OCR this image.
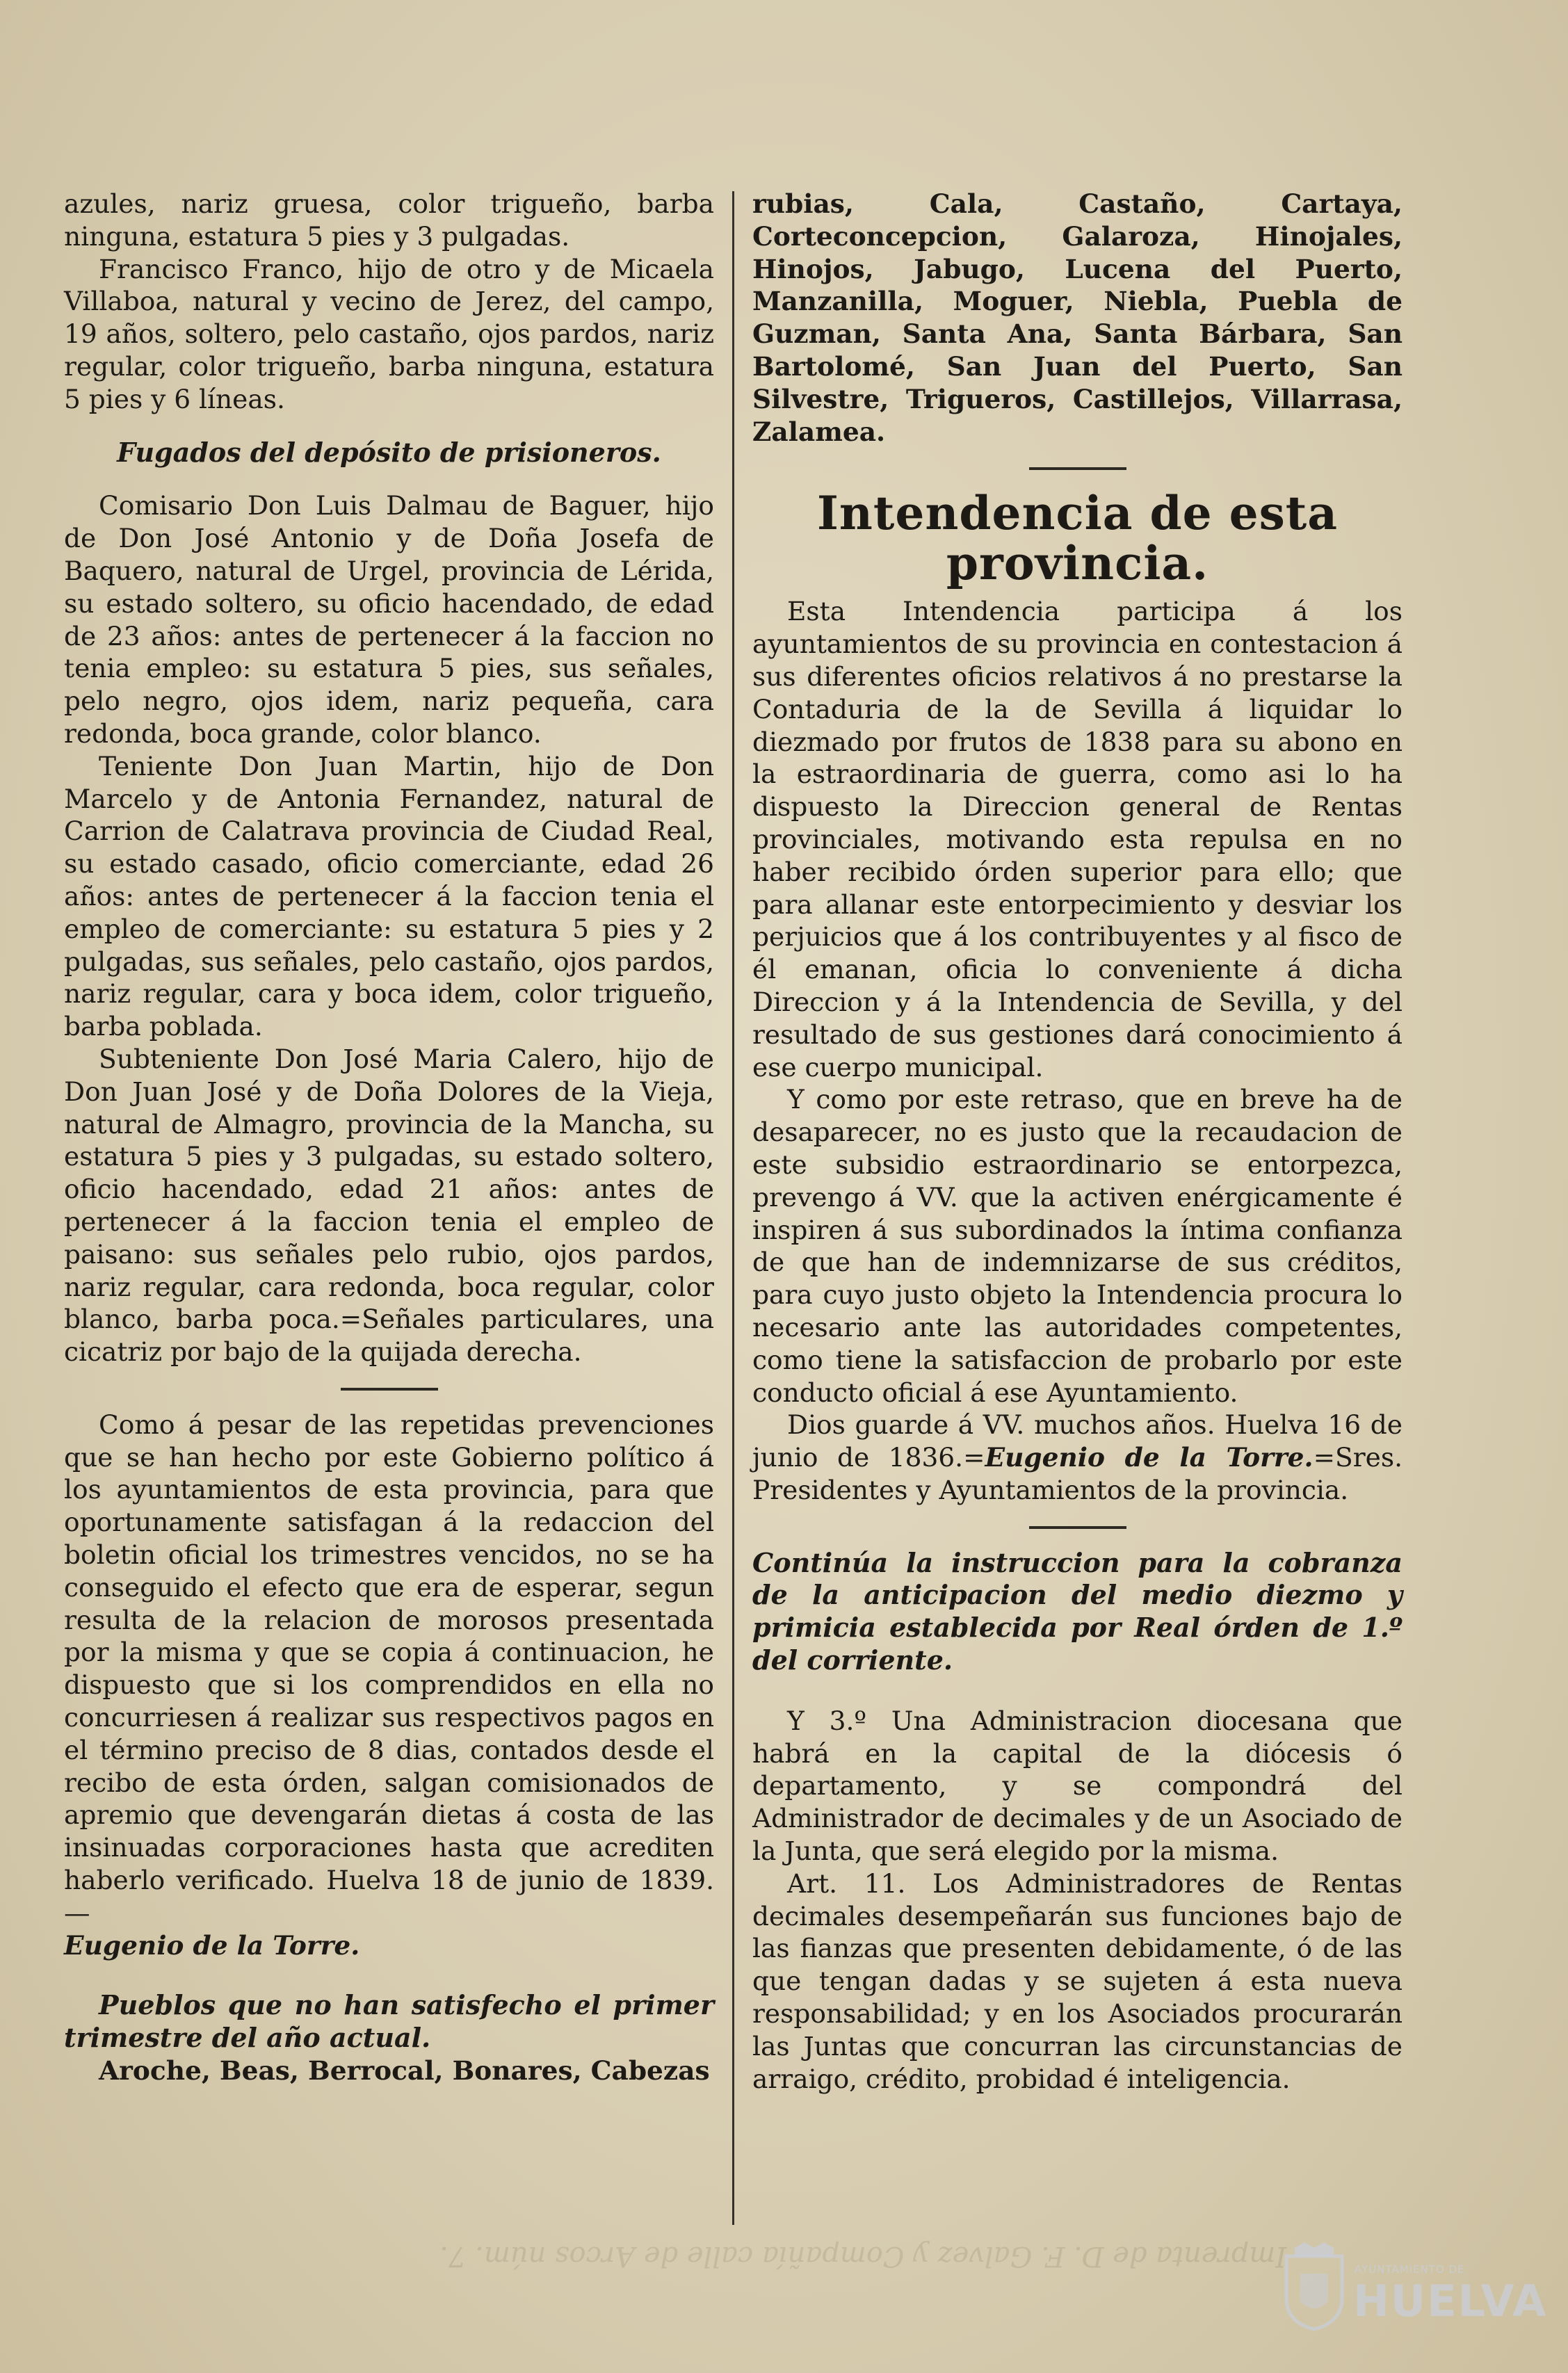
azules, nariz gruesa, color trigueño, barba ninguna, estatura 5 pies y 3 pulgadas.

Francisco Franco, hijo de otro y de Micaela Villaboa, natural y vecino de Jerez, del campo, 19 años, soltero, pelo castaño, ojos pardos, nariz regular, color trigueño, barba ninguna, estatura 5 pies y 6 líneas.

Fugados del depósito de prisioneros.

Comisario Don Luis Dalmau de Baguer, hijo de Don José Antonio y de Doña Josefa de Baquero, natural de Urgel, provincia de Lérida, su estado soltero, su oficio hacendado, de edad de 23 años: antes de pertenecer á la faccion no tenia empleo: su estatura 5 pies, sus señales, pelo negro, ojos idem, nariz pequeña, cara redonda, boca grande, color blanco.

Teniente Don Juan Martin, hijo de Don Marcelo y de Antonia Fernandez, natural de Carrion de Calatrava provincia de Ciudad Real, su estado casado, oficio comerciante, edad 26 años: antes de pertenecer á la faccion tenia el empleo de comerciante: su estatura 5 pies y 2 pulgadas, sus señales, pelo castaño, ojos pardos, nariz regular, cara y boca idem, color trigueño, barba poblada.

Subteniente Don José Maria Calero, hijo de Don Juan José y de Doña Dolores de la Vieja, natural de Almagro, provincia de la Mancha, su estatura 5 pies y 3 pulgadas, su estado soltero, oficio hacendado, edad 21 años: antes de pertenecer á la faccion tenia el empleo de paisano: sus señales pelo rubio, ojos pardos, nariz regular, cara redonda, boca regular, color blanco, barba poca.=Señales particulares, una cicatriz por bajo de la quijada derecha.

Como á pesar de las repetidas prevenciones que se han hecho por este Gobierno político á los ayuntamientos de esta provincia, para que oportunamente satisfagan á la redaccion del boletin oficial los trimestres vencidos, no se ha conseguido el efecto que era de esperar, segun resulta de la relacion de morosos presentada por la misma y que se copia á continuacion, he dispuesto que si los comprendidos en ella no concurriesen á realizar sus respectivos pagos en el término preciso de 8 dias, contados desde el recibo de esta órden, salgan comisionados de apremio que devengarán dietas á costa de las insinuadas corporaciones hasta que acrediten haberlo verificado. Huelva 18 de junio de 1839.—

Eugenio de la Torre.

Pueblos que no han satisfecho el primer trimestre del año actual.

Aroche, Beas, Berrocal, Bonares, Cabezas

rubias, Cala, Castaño, Cartaya, Corteconcepcion, Galaroza, Hinojales, Hinojos, Jabugo, Lucena del Puerto, Manzanilla, Moguer, Niebla, Puebla de Guzman, Santa Ana, Santa Bárbara, San Bartolomé, San Juan del Puerto, San Silvestre, Trigueros, Castillejos, Villarrasa, Zalamea.

Intendencia de esta provincia.

Esta Intendencia participa á los ayuntamientos de su provincia en contestacion á sus diferentes oficios relativos á no prestarse la Contaduria de la de Sevilla á liquidar lo diezmado por frutos de 1838 para su abono en la estraordinaria de guerra, como asi lo ha dispuesto la Direccion general de Rentas provinciales, motivando esta repulsa en no haber recibido órden superior para ello; que para allanar este entorpecimiento y desviar los perjuicios que á los contribuyentes y al fisco de él emanan, oficia lo conveniente á dicha Direccion y á la Intendencia de Sevilla, y del resultado de sus gestiones dará conocimiento á ese cuerpo municipal.

Y como por este retraso, que en breve ha de desaparecer, no es justo que la recaudacion de este subsidio estraordinario se entorpezca, prevengo á VV. que la activen enérgicamente é inspiren á sus subordinados la íntima confianza de que han de indemnizarse de sus créditos, para cuyo justo objeto la Intendencia procura lo necesario ante las autoridades competentes, como tiene la satisfaccion de probarlo por este conducto oficial á ese Ayuntamiento.

Dios guarde á VV. muchos años. Huelva 16 de junio de 1836.=Eugenio de la Torre.=Sres. Presidentes y Ayuntamientos de la provincia.

Continúa la instruccion para la cobranza de la anticipacion del medio diezmo y primicia establecida por Real órden de 1.º del corriente.

Y 3.º Una Administracion diocesana que habrá en la capital de la diócesis ó departamento, y se compondrá del Administrador de decimales y de un Asociado de la Junta, que será elegido por la misma.

Art. 11. Los Administradores de Rentas decimales desempeñarán sus funciones bajo de las fianzas que presenten debidamente, ó de las que tengan dadas y se sujeten á esta nueva responsabilidad; y en los Asociados procurarán las Juntas que concurran las circunstancias de arraigo, crédito, probidad é inteligencia.

Imprenta de D. F. Galvez y Compañía calle de Arcos núm. 7.	AYUNTAMIENTO DE
HUELVA
